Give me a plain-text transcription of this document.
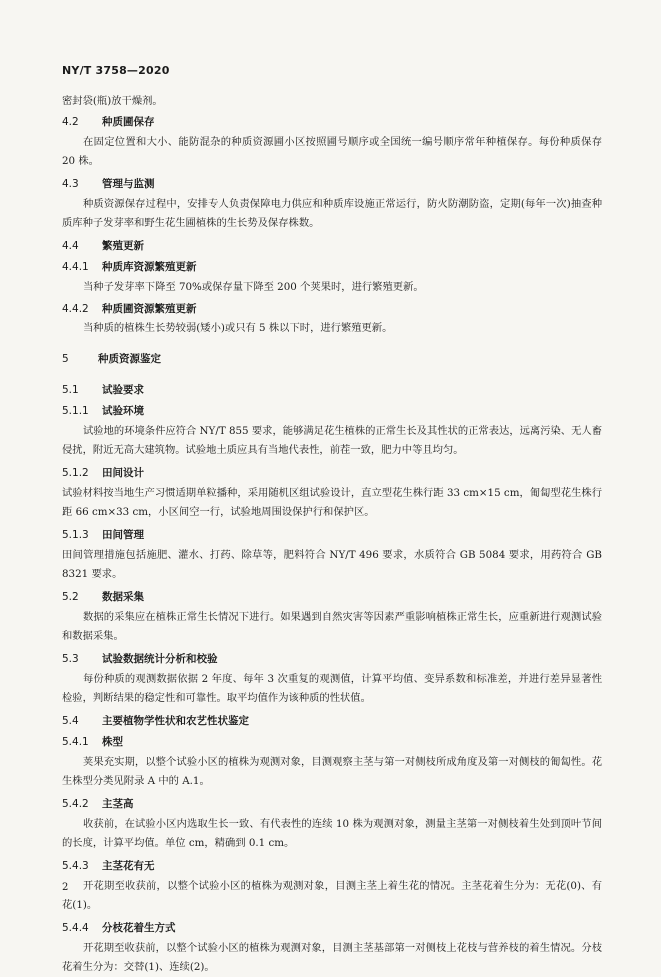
NY/T 3758—2020
密封袋(瓶)放干燥剂。
4.2 种质圃保存
在固定位置和大小、能防混杂的种质资源圃小区按照圃号顺序或全国统一编号顺序常年种植保存。每份种质保存 20 株。
4.3 管理与监测
种质资源保存过程中，安排专人负责保障电力供应和种质库设施正常运行，防火防潮防盗，定期(每年一次)抽查种质库种子发芽率和野生花生圃植株的生长势及保存株数。
4.4 繁殖更新
4.4.1 种质库资源繁殖更新
当种子发芽率下降至 70%或保存量下降至 200 个荚果时，进行繁殖更新。
4.4.2 种质圃资源繁殖更新
当种质的植株生长势较弱(矮小)或只有 5 株以下时，进行繁殖更新。
5	种质资源鉴定
5.1 试验要求
5.1.1 试验环境
试验地的环境条件应符合 NY/T 855 要求，能够满足花生植株的正常生长及其性状的正常表达，远离污染、无人畜侵扰，附近无高大建筑物。试验地土质应具有当地代表性，前茬一致，肥力中等且均匀。
5.1.2 田间设计
试验材料按当地生产习惯适期单粒播种，采用随机区组试验设计，直立型花生株行距 33 cm×15 cm，匍匐型花生株行距 66 cm×33 cm，小区间空一行，试验地周围设保护行和保护区。
5.1.3 田间管理
田间管理措施包括施肥、灌水、打药、除草等，肥料符合 NY/T 496 要求，水质符合 GB 5084 要求，用药符合 GB 8321 要求。
5.2 数据采集
数据的采集应在植株正常生长情况下进行。如果遇到自然灾害等因素严重影响植株正常生长，应重新进行观测试验和数据采集。
5.3 试验数据统计分析和校验
每份种质的观测数据依据 2 年度、每年 3 次重复的观测值，计算平均值、变异系数和标准差，并进行差异显著性检验，判断结果的稳定性和可靠性。取平均值作为该种质的性状值。
5.4 主要植物学性状和农艺性状鉴定
5.4.1 株型
荚果充实期，以整个试验小区的植株为观测对象，目测观察主茎与第一对侧枝所成角度及第一对侧枝的匍匐性。花生株型分类见附录 A 中的 A.1。
5.4.2 主茎高
收获前，在试验小区内选取生长一致、有代表性的连续 10 株为观测对象，测量主茎第一对侧枝着生处到顶叶节间的长度，计算平均值。单位 cm，精确到 0.1 cm。
5.4.3 主茎花有无
开花期至收获前，以整个试验小区的植株为观测对象，目测主茎上着生花的情况。主茎花着生分为：无花(0)、有花(1)。
5.4.4 分枝花着生方式
开花期至收获前，以整个试验小区的植株为观测对象，目测主茎基部第一对侧枝上花枝与营养枝的着生情况。分枝花着生分为：交替(1)、连续(2)。
2
